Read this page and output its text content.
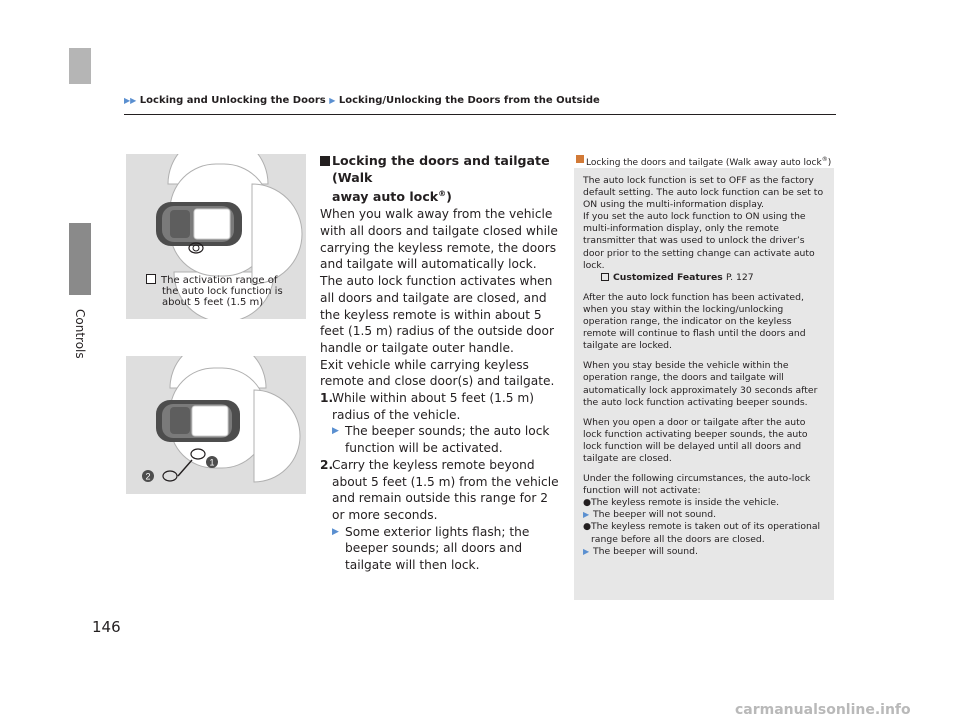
Controls
▶▶ Locking and Unlocking the Doors ▶ Locking/Unlocking the Doors from the Outside
The activation range of
the auto lock function is
about 5 feet (1.5 m)
1
2
Locking the doors and tailgate (Walk
away auto lock®)

When you walk away from the vehicle with all doors and tailgate closed while carrying the keyless remote, the doors and tailgate will automatically lock.

The auto lock function activates when all doors and tailgate are closed, and the keyless remote is within about 5 feet (1.5 m) radius of the outside door handle or tailgate outer handle.

Exit vehicle while carrying keyless remote and close door(s) and tailgate.

1.
While within about 5 feet (1.5 m) radius of the vehicle.
▶ The beeper sounds; the auto lock function will be activated.
2.
Carry the keyless remote beyond about 5 feet (1.5 m) from the vehicle and remain outside this range for 2 or more seconds.
▶ Some exterior lights flash; the beeper sounds; all doors and tailgate will then lock.
Locking the doors and tailgate (Walk away auto lock®)

The auto lock function is set to OFF as the factory default setting. The auto lock function can be set to ON using the multi-information display.

If you set the auto lock function to ON using the multi-information display, only the remote transmitter that was used to unlock the driver’s door prior to the setting change can activate auto lock.

Customized Features P. 127

After the auto lock function has been activated, when you stay within the locking/unlocking operation range, the indicator on the keyless remote will continue to flash until the doors and tailgate are locked.

When you stay beside the vehicle within the operation range, the doors and tailgate will automatically lock approximately 30 seconds after the auto lock function activating beeper sounds.

When you open a door or tailgate after the auto lock function activating beeper sounds, the auto lock function will be delayed until all doors and tailgate are closed.

Under the following circumstances, the auto-lock function will not activate:

● The keyless remote is inside the vehicle.
▶ The beeper will not sound.
● The keyless remote is taken out of its operational range before all the doors are closed.
▶ The beeper will sound.
146
carmanualsonline.info
